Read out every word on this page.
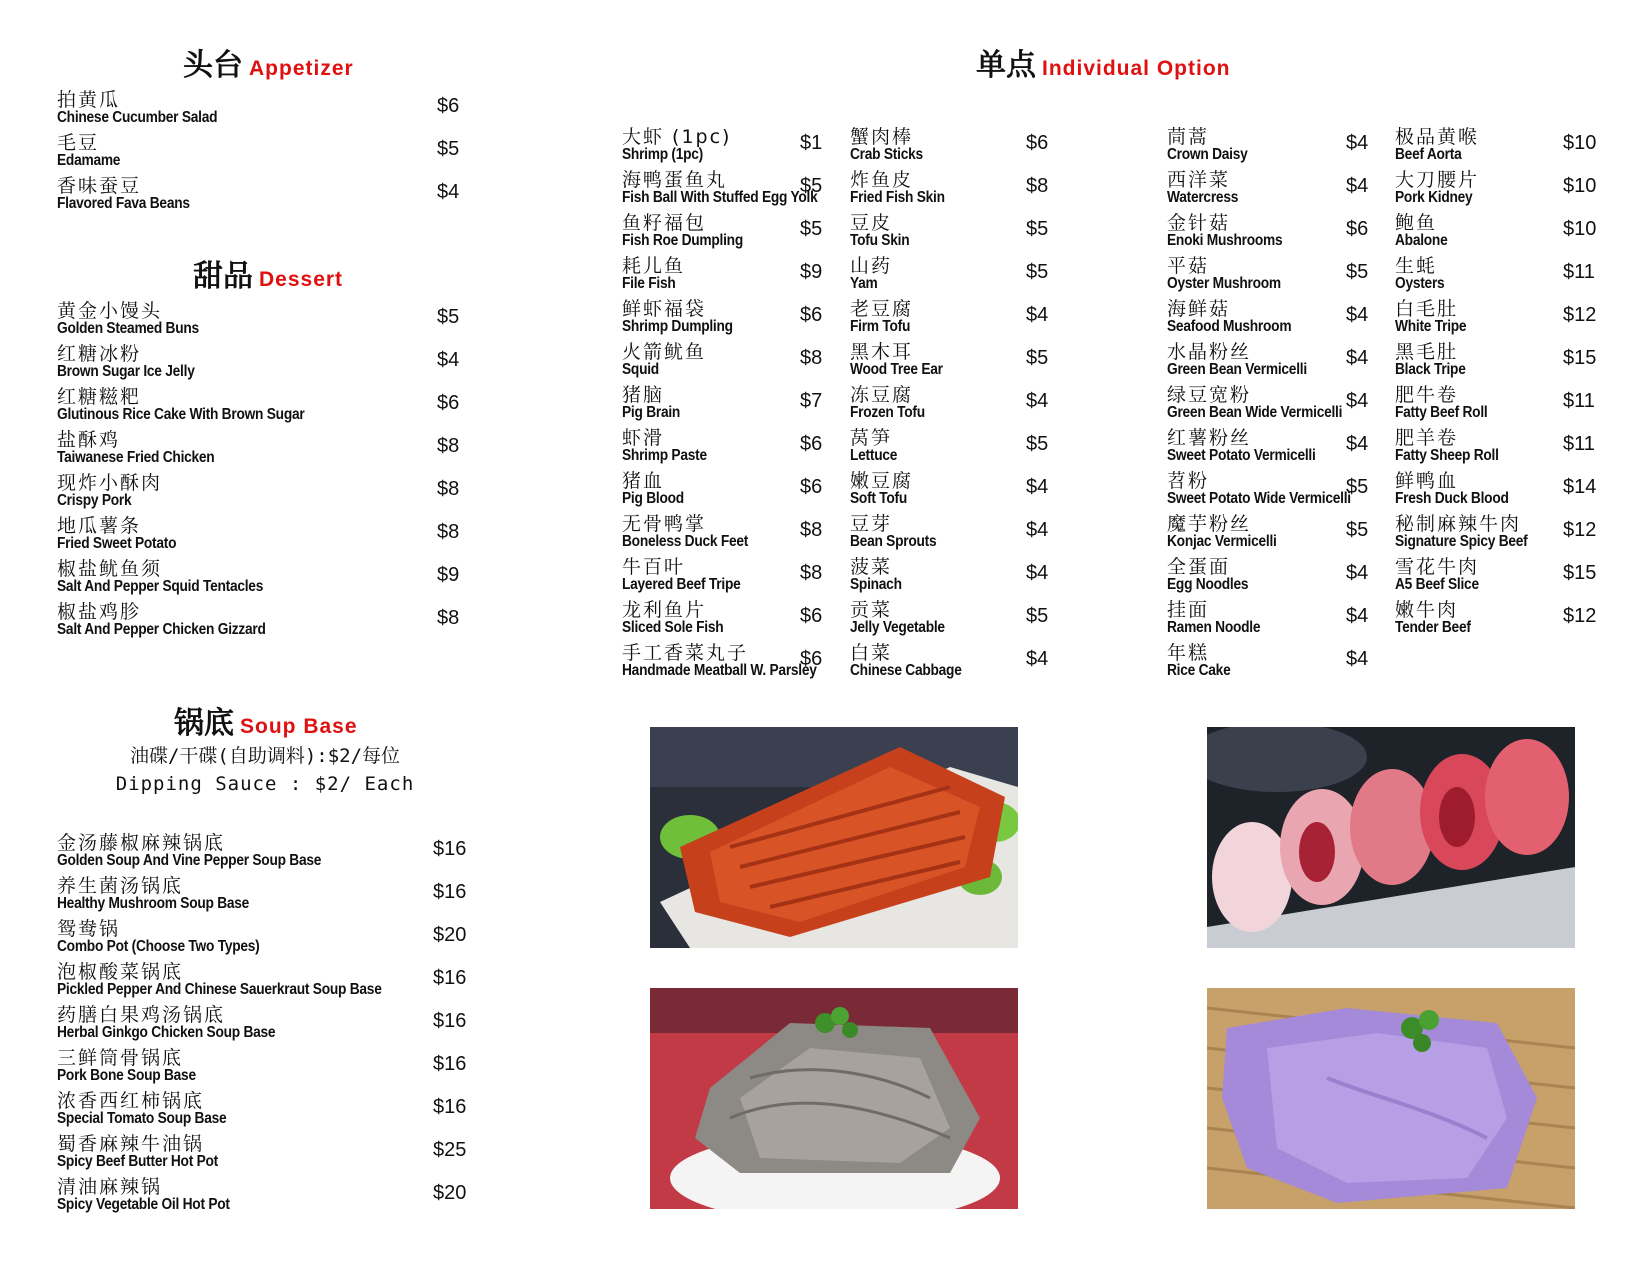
头台 Appetizer
甜品 Dessert
锅底 Soup Base
单点 Individual Option
油碟/干碟(自助调料):$2/每位
Dipping Sauce : $2/ Each
拍黄瓜
Chinese Cucumber Salad
$6
毛豆
Edamame
$5
香味蚕豆
Flavored Fava Beans
$4
黄金小馒头
Golden Steamed Buns
$5
红糖冰粉
Brown Sugar Ice Jelly
$4
红糖糍粑
Glutinous Rice Cake With Brown Sugar
$6
盐酥鸡
Taiwanese Fried Chicken
$8
现炸小酥肉
Crispy Pork
$8
地瓜薯条
Fried Sweet Potato
$8
椒盐鱿鱼须
Salt And Pepper Squid Tentacles
$9
椒盐鸡胗
Salt And Pepper Chicken Gizzard
$8
金汤藤椒麻辣锅底
Golden Soup And Vine Pepper Soup Base
$16
养生菌汤锅底
Healthy Mushroom Soup Base
$16
鸳鸯锅
Combo Pot (Choose Two Types)
$20
泡椒酸菜锅底
Pickled Pepper And Chinese Sauerkraut Soup Base
$16
药膳白果鸡汤锅底
Herbal Ginkgo Chicken Soup Base
$16
三鲜筒骨锅底
Pork Bone Soup Base
$16
浓香西红柿锅底
Special Tomato Soup Base
$16
蜀香麻辣牛油锅
Spicy Beef Butter Hot Pot
$25
清油麻辣锅
Spicy Vegetable Oil Hot Pot
$20
大虾 (1pc)
Shrimp (1pc)
$1
海鸭蛋鱼丸
Fish Ball With Stuffed Egg Yolk
$5
鱼籽福包
Fish Roe Dumpling
$5
耗儿鱼
File Fish
$9
鲜虾福袋
Shrimp Dumpling
$6
火箭鱿鱼
Squid
$8
猪脑
Pig Brain
$7
虾滑
Shrimp Paste
$6
猪血
Pig Blood
$6
无骨鸭掌
Boneless Duck Feet
$8
牛百叶
Layered Beef Tripe
$8
龙利鱼片
Sliced Sole Fish
$6
手工香菜丸子
Handmade Meatball W. Parsley
$6
蟹肉棒
Crab Sticks
$6
炸鱼皮
Fried Fish Skin
$8
豆皮
Tofu Skin
$5
山药
Yam
$5
老豆腐
Firm Tofu
$4
黑木耳
Wood Tree Ear
$5
冻豆腐
Frozen Tofu
$4
莴笋
Lettuce
$5
嫩豆腐
Soft Tofu
$4
豆芽
Bean Sprouts
$4
菠菜
Spinach
$4
贡菜
Jelly Vegetable
$5
白菜
Chinese Cabbage
$4
茼蒿
Crown Daisy
$4
西洋菜
Watercress
$4
金针菇
Enoki Mushrooms
$6
平菇
Oyster Mushroom
$5
海鲜菇
Seafood Mushroom
$4
水晶粉丝
Green Bean Vermicelli
$4
绿豆宽粉
Green Bean Wide Vermicelli
$4
红薯粉丝
Sweet Potato Vermicelli
$4
苕粉
Sweet Potato Wide Vermicelli
$5
魔芋粉丝
Konjac Vermicelli
$5
全蛋面
Egg Noodles
$4
挂面
Ramen Noodle
$4
年糕
Rice Cake
$4
极品黄喉
Beef Aorta
$10
大刀腰片
Pork Kidney
$10
鲍鱼
Abalone
$10
生蚝
Oysters
$11
白毛肚
White Tripe
$12
黑毛肚
Black Tripe
$15
肥牛卷
Fatty Beef Roll
$11
肥羊卷
Fatty Sheep Roll
$11
鲜鸭血
Fresh Duck Blood
$14
秘制麻辣牛肉
Signature Spicy Beef
$12
雪花牛肉
A5 Beef Slice
$15
嫩牛肉
Tender Beef
$12
